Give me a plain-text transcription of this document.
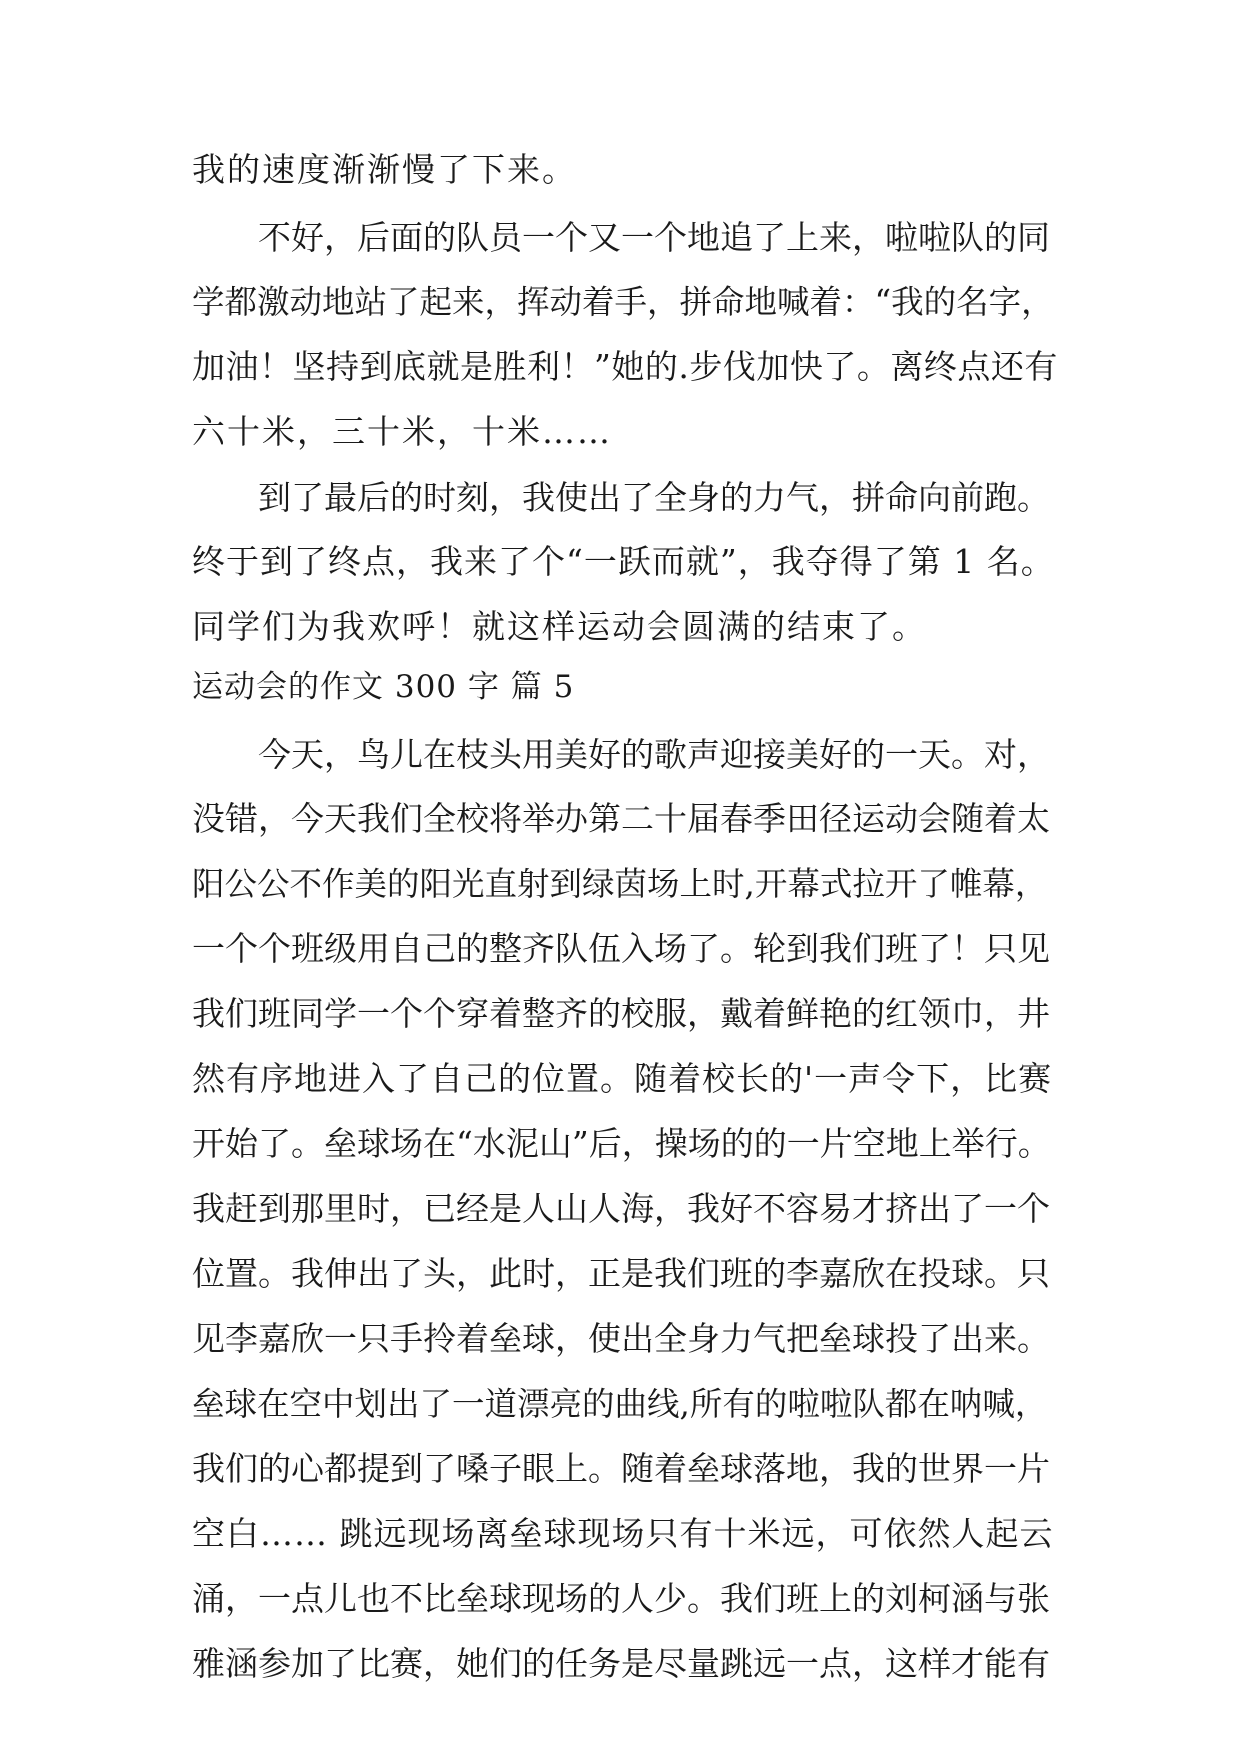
我的速度渐渐慢了下来。
不好，后面的队员一个又一个地追了上来，啦啦队的同
学都激动地站了起来，挥动着手，拼命地喊着：“我的名字，
加油！坚持到底就是胜利！”她的.步伐加快了。离终点还有
六十米，三十米，十米……
到了最后的时刻，我使出了全身的力气，拼命向前跑。
终于到了终点，我来了个“一跃而就”，我夺得了第 1 名。
同学们为我欢呼！就这样运动会圆满的结束了。
运动会的作文 300 字 篇 5
今天，鸟儿在枝头用美好的歌声迎接美好的一天。对，
没错，今天我们全校将举办第二十届春季田径运动会随着太
阳公公不作美的阳光直射到绿茵场上时,开幕式拉开了帷幕，
一个个班级用自己的整齐队伍入场了。轮到我们班了！只见
我们班同学一个个穿着整齐的校服，戴着鲜艳的红领巾，井
然有序地进入了自己的位置。随着校长的'一声令下，比赛
开始了。垒球场在“水泥山”后，操场的的一片空地上举行。
我赶到那里时，已经是人山人海，我好不容易才挤出了一个
位置。我伸出了头，此时，正是我们班的李嘉欣在投球。只
见李嘉欣一只手拎着垒球，使出全身力气把垒球投了出来。
垒球在空中划出了一道漂亮的曲线,所有的啦啦队都在呐喊，
我们的心都提到了嗓子眼上。随着垒球落地，我的世界一片
空白…… 跳远现场离垒球现场只有十米远，可依然人起云
涌，一点儿也不比垒球现场的人少。我们班上的刘柯涵与张
雅涵参加了比赛，她们的任务是尽量跳远一点，这样才能有
